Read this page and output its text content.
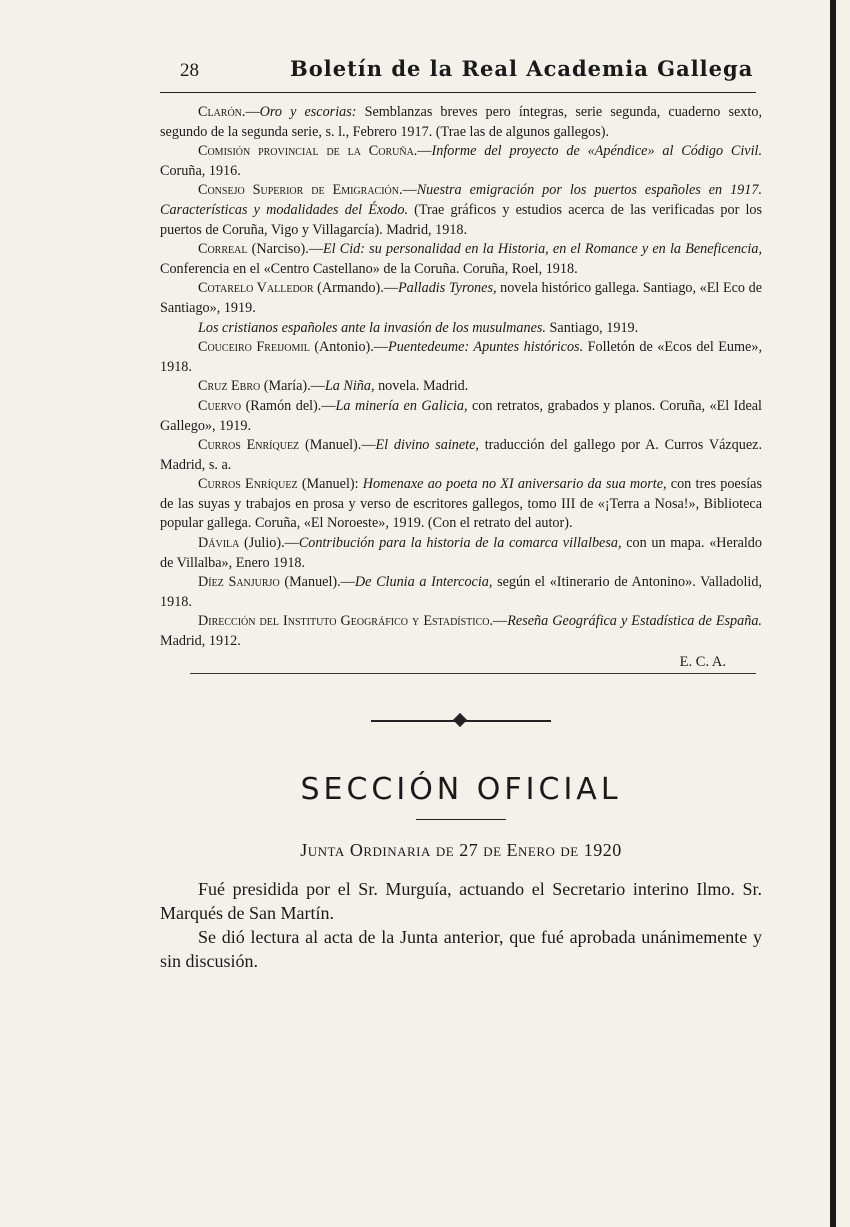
28	Boletín de la Real Academia Gallega

Clarón.—Oro y escorias: Semblanzas breves pero íntegras, serie segunda, cuaderno sexto, segundo de la segunda serie, s. l., Febrero 1917. (Trae las de algunos gallegos).

Comisión provincial de la Coruña.—Informe del proyecto de «Apéndice» al Código Civil. Coruña, 1916.

Consejo Superior de Emigración.—Nuestra emigración por los puertos españoles en 1917. Características y modalidades del Éxodo. (Trae gráficos y estudios acerca de las verificadas por los puertos de Coruña, Vigo y Villagarcía). Madrid, 1918.

Correal (Narciso).—El Cid: su personalidad en la Historia, en el Romance y en la Beneficencia, Conferencia en el «Centro Castellano» de la Coruña. Coruña, Roel, 1918.

Cotarelo Valledor (Armando).—Palladis Tyrones, novela histórico gallega. Santiago, «El Eco de Santiago», 1919.

Los cristianos españoles ante la invasión de los musulmanes. Santiago, 1919.

Couceiro Freijomil (Antonio).—Puentedeume: Apuntes históricos. Folletón de «Ecos del Eume», 1918.

Cruz Ebro (María).—La Niña, novela. Madrid.

Cuervo (Ramón del).—La minería en Galicia, con retratos, grabados y planos. Coruña, «El Ideal Gallego», 1919.

Curros Enríquez (Manuel).—El divino sainete, traducción del gallego por A. Curros Vázquez. Madrid, s. a.

Curros Enríquez (Manuel): Homenaxe ao poeta no XI aniversario da sua morte, con tres poesías de las suyas y trabajos en prosa y verso de escritores gallegos, tomo III de «¡Terra a Nosa!», Biblioteca popular gallega. Coruña, «El Noroeste», 1919. (Con el retrato del autor).

Dávila (Julio).—Contribución para la historia de la comarca villalbesa, con un mapa. «Heraldo de Villalba», Enero 1918.

Díez Sanjurjo (Manuel).—De Clunia a Intercocia, según el «Itinerario de Antonino». Valladolid, 1918.

Dirección del Instituto Geográfico y Estadístico.—Reseña Geográfica y Estadística de España. Madrid, 1912.

E. C. A.
SECCIÓN OFICIAL
Junta Ordinaria de 27 de Enero de 1920

Fué presidida por el Sr. Murguía, actuando el Secretario interino Ilmo. Sr. Marqués de San Martín.

Se dió lectura al acta de la Junta anterior, que fué aprobada unánimemente y sin discusión.
